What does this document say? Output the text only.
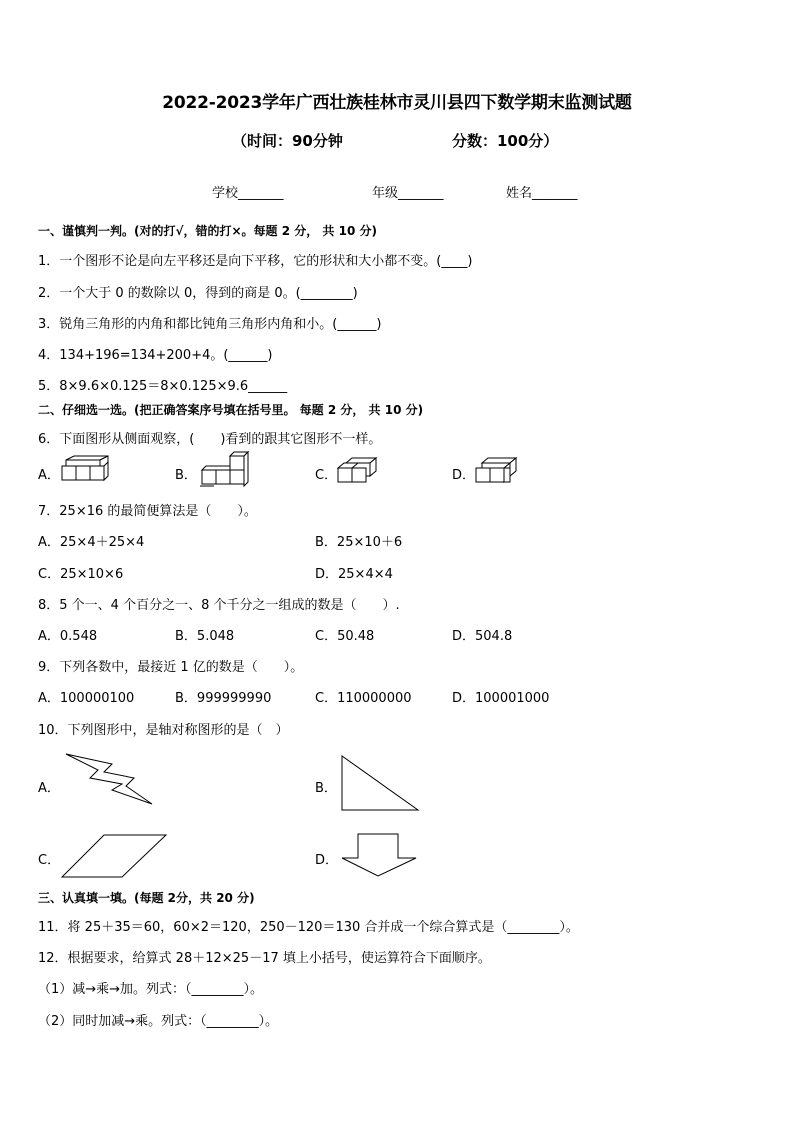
2022-2023学年广西壮族桂林市灵川县四下数学期末监测试题
（时间：90分钟	分数：100分）
学校_______	年级_______	姓名_______
一、谨慎判一判。(对的打√，错的打×。每题 2 分， 共 10 分)
1．一个图形不论是向左平移还是向下平移，它的形状和大小都不变。(____)
2．一个大于 0 的数除以 0，得到的商是 0。(________)
3．锐角三角形的内角和都比钝角三角形内角和小。(______)
4．134+196=134+200+4。(______)
5．8×9.6×0.125＝8×0.125×9.6______
二、仔细选一选。(把正确答案序号填在括号里。 每题 2 分， 共 10 分)
6．下面图形从侧面观察，(　　)看到的跟其它图形不一样。
A．	B．	C．	D．
7．25×16 的最简便算法是（　　）。
A．25×4＋25×4	B．25×10＋6
C．25×10×6	D．25×4×4
8．5 个一、4 个百分之一、8 个千分之一组成的数是（　　）.
A．0.548	B．5.048	C．50.48	D．504.8
9．下列各数中，最接近 1 亿的数是（　　）。
A．100000100	B．999999990	C．110000000	D．100001000
10．下列图形中，是轴对称图形的是（　）
A．	B．
C．	D．
三、认真填一填。(每题 2分，共 20 分)
11．将 25＋35＝60，60×2＝120，250－120＝130 合并成一个综合算式是（________）。
12．根据要求，给算式 28＋12×25－17 填上小括号，使运算符合下面顺序。
（1）减→乘→加。列式：（________）。
（2）同时加减→乘。列式：（________）。
